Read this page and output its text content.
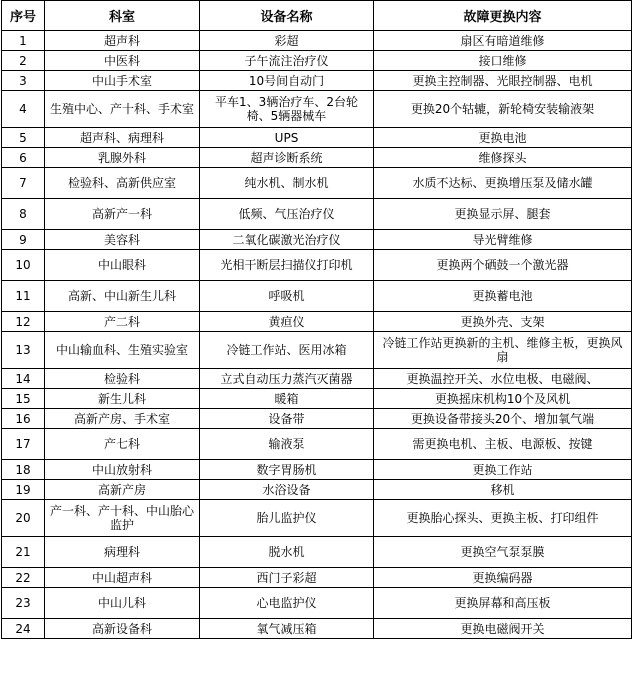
序号	科室	设备名称	故障更换内容
1	超声科	彩超	扇区有暗道维修
2	中医科	子午流注治疗仪	接口维修
3	中山手术室	10号间自动门	更换主控制器、光眼控制器、电机
4	生殖中心、产十科、手术室	平车1、3辆治疗车、2台轮椅、5辆器械车	更换20个轱辘，新轮椅安装输液架
5	超声科、病理科	UPS	更换电池
6	乳腺外科	超声诊断系统	维修探头
7	检验科、高新供应室	纯水机、制水机	水质不达标、更换增压泵及储水罐
8	高新产一科	低频、气压治疗仪	更换显示屏、腿套
9	美容科	二氧化碳激光治疗仪	导光臂维修
10	中山眼科	光相干断层扫描仪打印机	更换两个硒鼓一个激光器
11	高新、中山新生儿科	呼吸机	更换蓄电池
12	产二科	黄疸仪	更换外壳、支架
13	中山输血科、生殖实验室	冷链工作站、医用冰箱	冷链工作站更换新的主机、维修主板，更换风扇
14	检验科	立式自动压力蒸汽灭菌器	更换温控开关、水位电极、电磁阀、
15	新生儿科	暖箱	更换摇床机构10个及风机
16	高新产房、手术室	设备带	更换设备带接头20个、增加氧气端
17	产七科	输液泵	需更换电机、主板、电源板、按键
18	中山放射科	数字胃肠机	更换工作站
19	高新产房	水浴设备	移机
20	产一科、产十科、中山胎心监护	胎儿监护仪	更换胎心探头、更换主板、打印组件
21	病理科	脱水机	更换空气泵泵膜
22	中山超声科	西门子彩超	更换编码器
23	中山儿科	心电监护仪	更换屏幕和高压板
24	高新设备科	氧气减压箱	更换电磁阀开关
